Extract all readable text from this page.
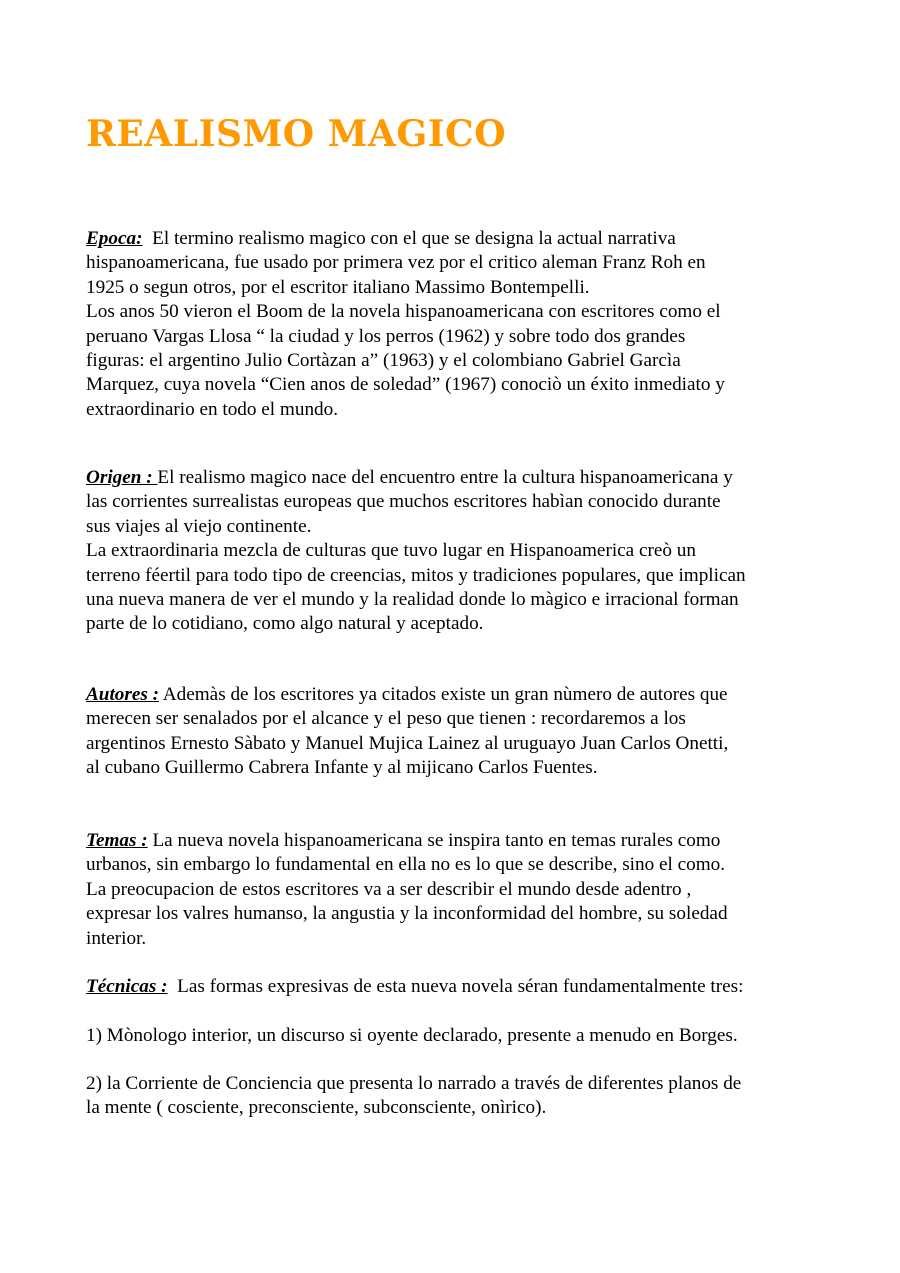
REALISMO MAGICO
Epoca: El termino realismo magico con el que se designa la actual narrativa
hispanoamericana, fue usado por primera vez por el critico aleman Franz Roh en
1925 o segun otros, por el escritor italiano Massimo Bontempelli.
Los anos 50 vieron el Boom de la novela hispanoamericana con escritores como el
peruano Vargas Llosa “ la ciudad y los perros (1962) y sobre todo dos grandes
figuras: el argentino Julio Cortàzan a” (1963) y el colombiano Gabriel Garcìa
Marquez, cuya novela “Cien anos de soledad” (1967) conociò un éxito inmediato y
extraordinario en todo el mundo.
Origen : El realismo magico nace del encuentro entre la cultura hispanoamericana y
las corrientes surrealistas europeas que muchos escritores habìan conocido durante
sus viajes al viejo continente.
La extraordinaria mezcla de culturas que tuvo lugar en Hispanoamerica creò un
terreno féertil para todo tipo de creencias, mitos y tradiciones populares, que implican
una nueva manera de ver el mundo y la realidad donde lo màgico e irracional forman
parte de lo cotidiano, como algo natural y aceptado.
Autores : Ademàs de los escritores ya citados existe un gran nùmero de autores que
merecen ser senalados por el alcance y el peso que tienen : recordaremos a los
argentinos Ernesto Sàbato y Manuel Mujica Lainez al uruguayo Juan Carlos Onetti,
al cubano Guillermo Cabrera Infante y al mijicano Carlos Fuentes.
Temas : La nueva novela hispanoamericana se inspira tanto en temas rurales como
urbanos, sin embargo lo fundamental en ella no es lo que se describe, sino el como.
La preocupacion de estos escritores va a ser describir el mundo desde adentro ,
expresar los valres humanso, la angustia y la inconformidad del hombre, su soledad
interior.
Técnicas : Las formas expresivas de esta nueva novela séran fundamentalmente tres:
1) Mònologo interior, un discurso si oyente declarado, presente a menudo en Borges.
2) la Corriente de Conciencia que presenta lo narrado a través de diferentes planos de
la mente ( cosciente, preconsciente, subconsciente, onìrico).
